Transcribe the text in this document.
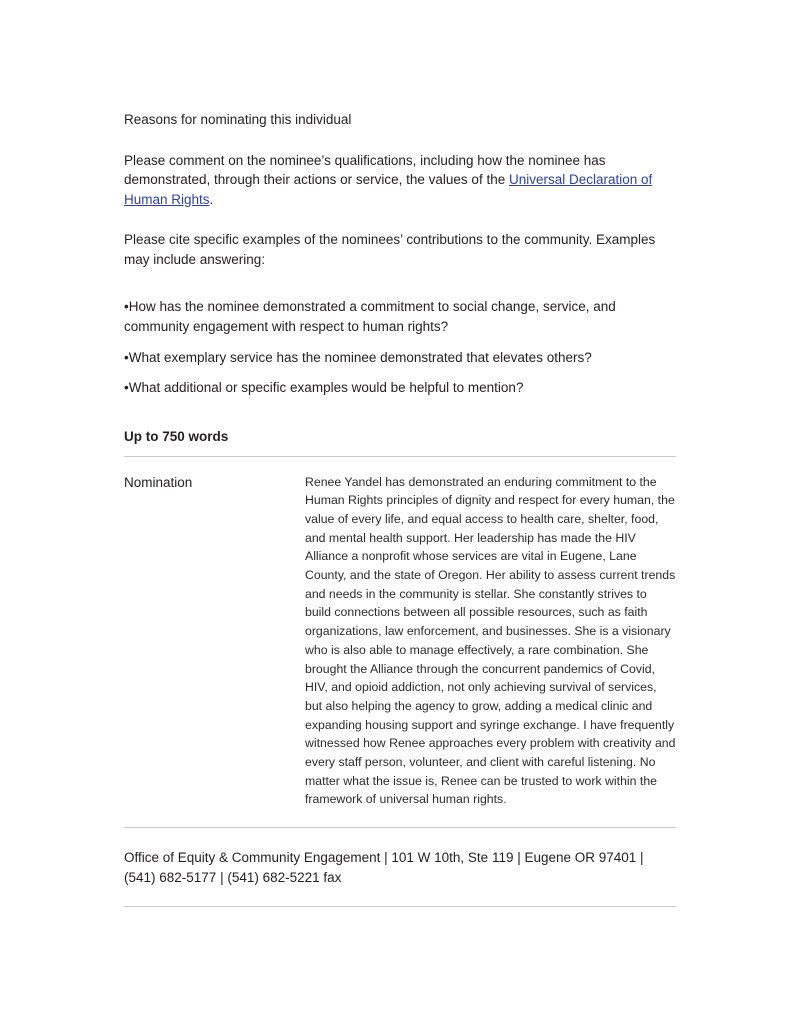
Reasons for nominating this individual

Please comment on the nominee’s qualifications, including how the nominee has demonstrated, through their actions or service, the values of the Universal Declaration of Human Rights.

Please cite specific examples of the nominees’ contributions to the community. Examples may include answering:

•How has the nominee demonstrated a commitment to social change, service, and community engagement with respect to human rights?
•What exemplary service has the nominee demonstrated that elevates others?
•What additional or specific examples would be helpful to mention?
Up to 750 words
Nomination	Renee Yandel has demonstrated an enduring commitment to the Human Rights principles of dignity and respect for every human, the value of every life, and equal access to health care, shelter, food, and mental health support. Her leadership has made the HIV Alliance a nonprofit whose services are vital in Eugene, Lane County, and the state of Oregon. Her ability to assess current trends and needs in the community is stellar. She constantly strives to build connections between all possible resources, such as faith organizations, law enforcement, and businesses. She is a visionary who is also able to manage effectively, a rare combination. She brought the Alliance through the concurrent pandemics of Covid, HIV, and opioid addiction, not only achieving survival of services, but also helping the agency to grow, adding a medical clinic and expanding housing support and syringe exchange. I have frequently witnessed how Renee approaches every problem with creativity and every staff person, volunteer, and client with careful listening. No matter what the issue is, Renee can be trusted to work within the framework of universal human rights.
Office of Equity & Community Engagement | 101 W 10th, Ste 119 | Eugene OR 97401 | (541) 682-5177 | (541) 682-5221 fax
